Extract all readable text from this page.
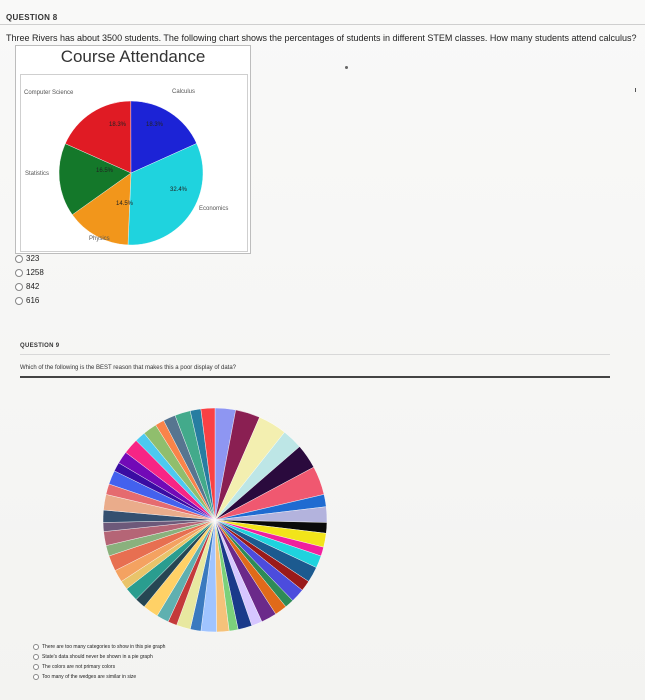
QUESTION 8
Three Rivers has about 3500 students. The following chart shows the percentages of students in different STEM classes. How many students attend calculus?
Course Attendance
Computer Science	Calculus
Economics
Physics
Statistics
18.3%	18.3%
32.4%
14.5%
16.5%
323
1258
842
616
QUESTION 9
Which of the following is the BEST reason that makes this a poor display of data?
There are too many categories to show in this pie graph
State's data should never be shown in a pie graph
The colors are not primary colors
Too many of the wedges are similar in size
